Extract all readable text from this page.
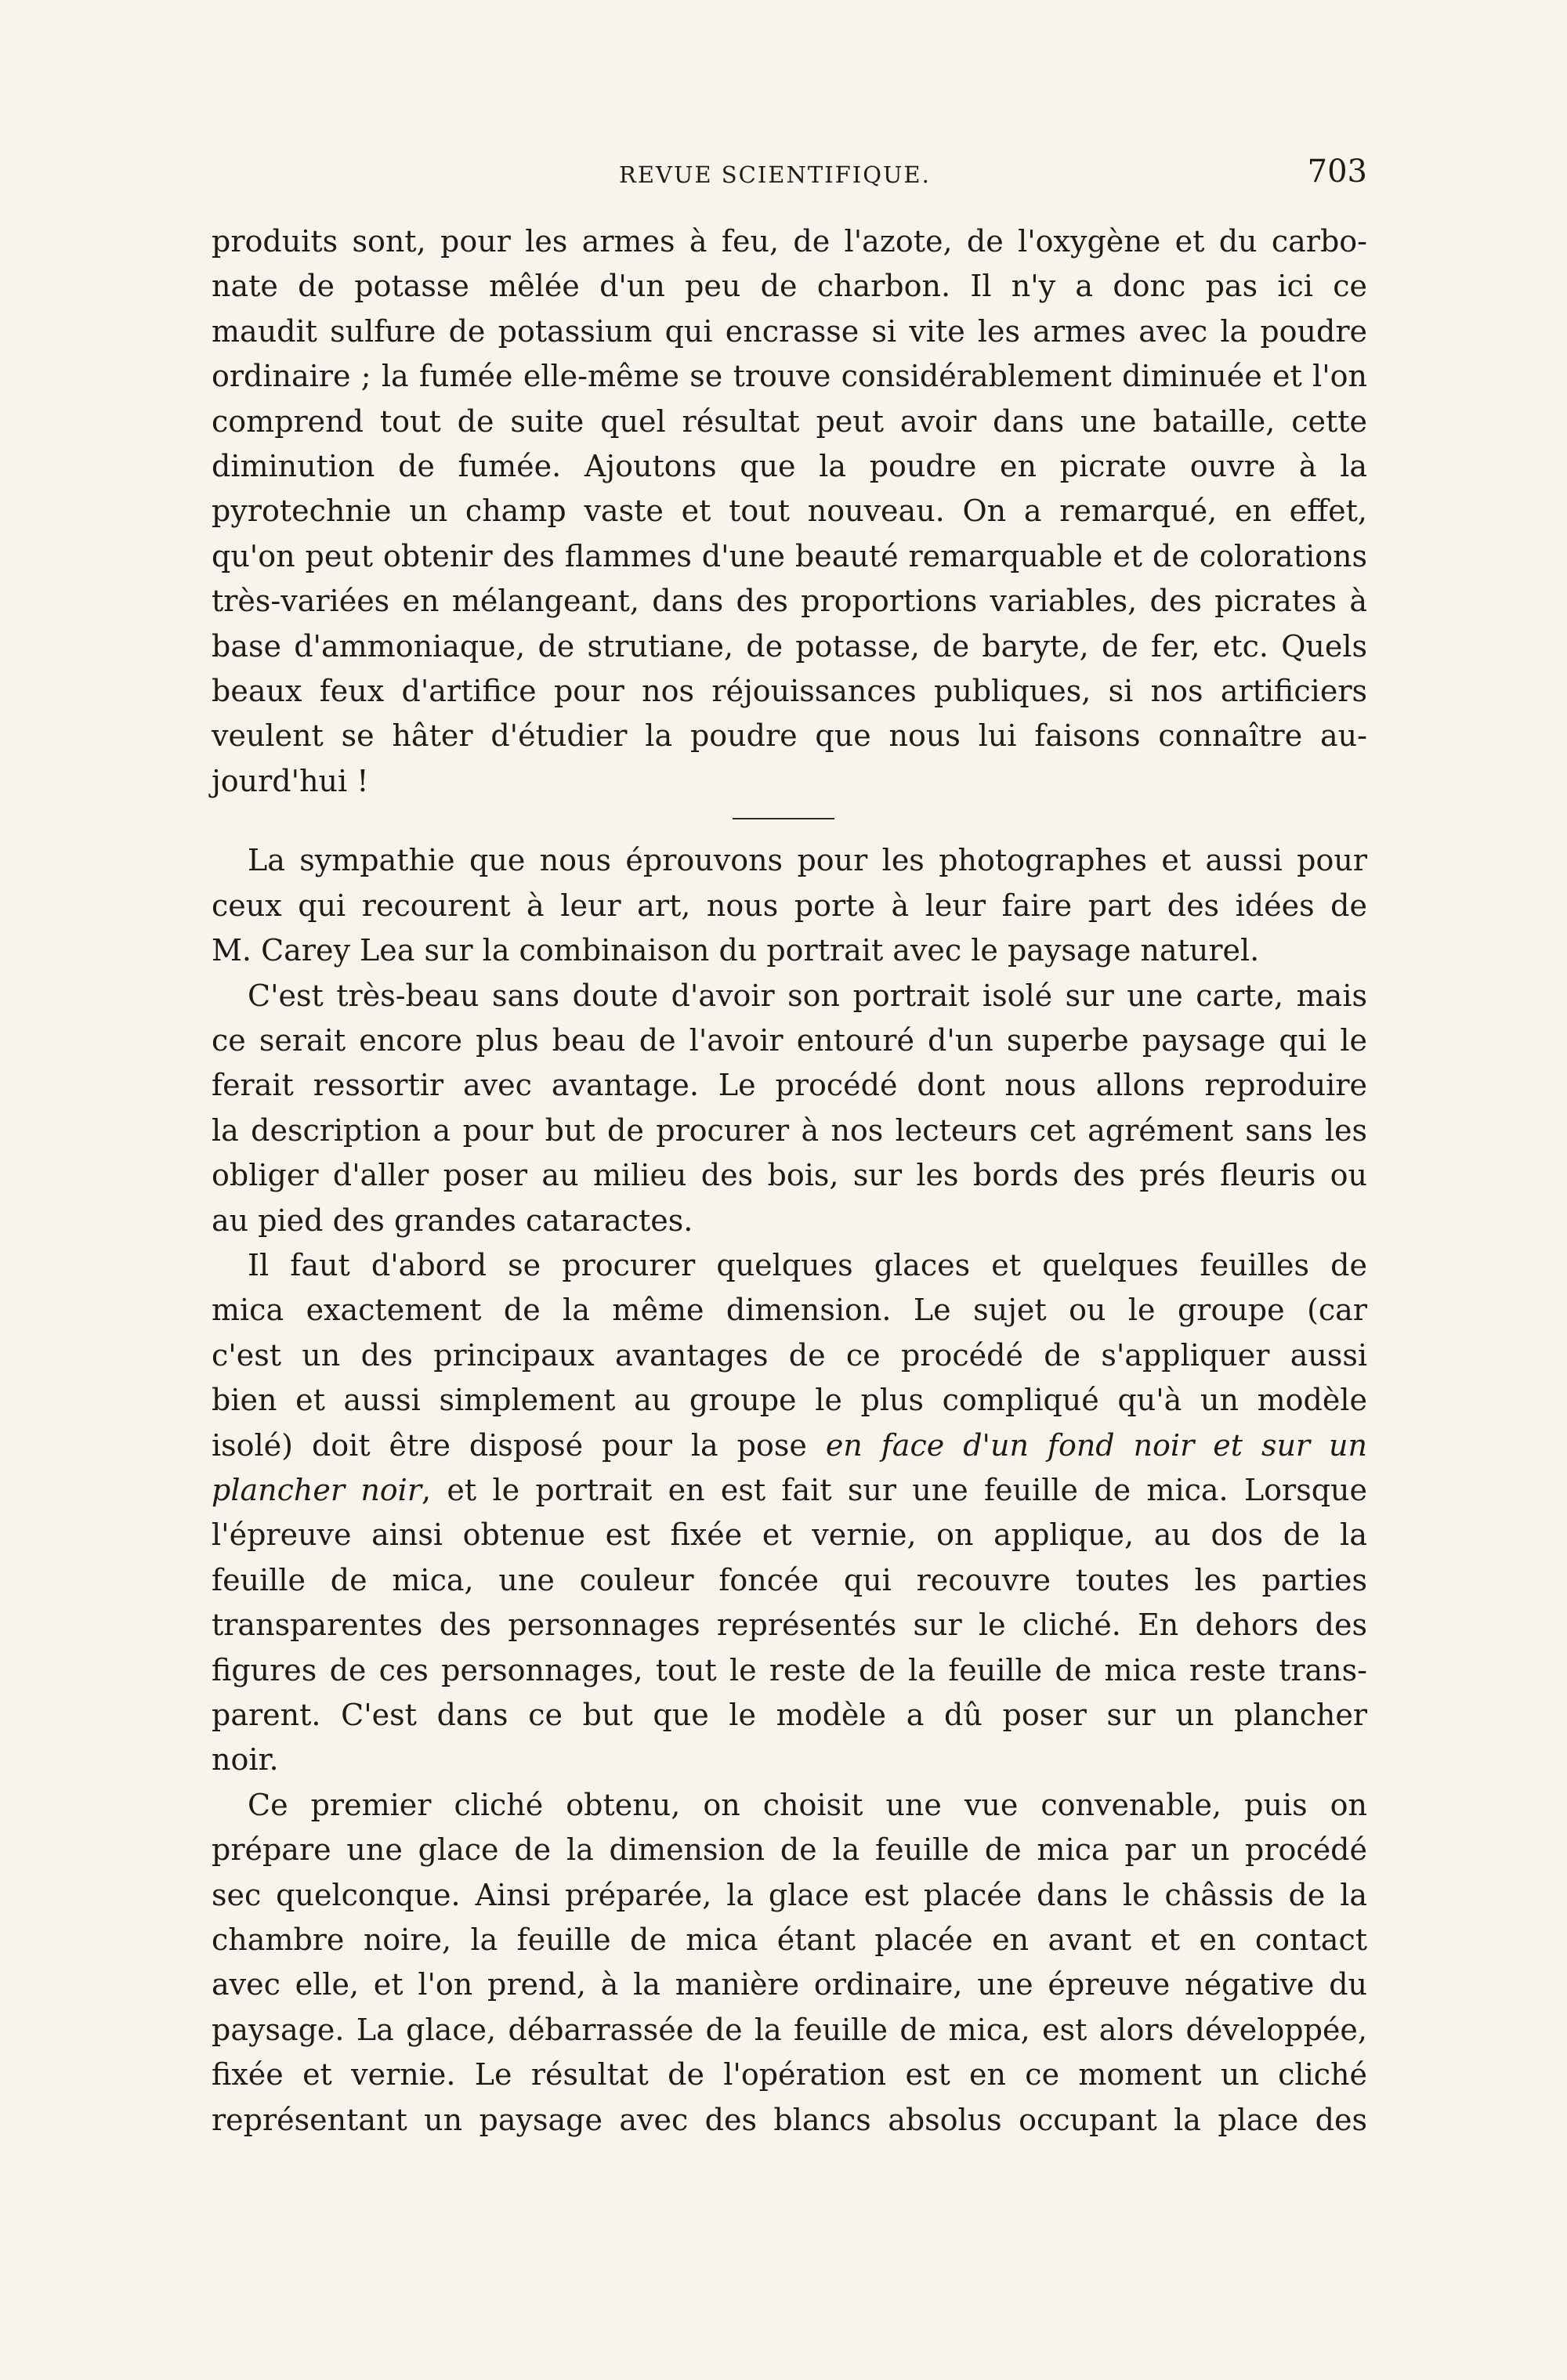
REVUE SCIENTIFIQUE.	703

produits sont, pour les armes à feu, de l'azote, de l'oxygène et du carbo-
nate de potasse mêlée d'un peu de charbon. Il n'y a donc pas ici ce
maudit sulfure de potassium qui encrasse si vite les armes avec la poudre
ordinaire ; la fumée elle-même se trouve considérablement diminuée et l'on
comprend tout de suite quel résultat peut avoir dans une bataille, cette
diminution de fumée. Ajoutons que la poudre en picrate ouvre à la
pyrotechnie un champ vaste et tout nouveau. On a remarqué, en effet,
qu'on peut obtenir des flammes d'une beauté remarquable et de colorations
très-variées en mélangeant, dans des proportions variables, des picrates à
base d'ammoniaque, de strutiane, de potasse, de baryte, de fer, etc. Quels
beaux feux d'artifice pour nos réjouissances publiques, si nos artificiers
veulent se hâter d'étudier la poudre que nous lui faisons connaître au-
jourd'hui !

La sympathie que nous éprouvons pour les photographes et aussi pour
ceux qui recourent à leur art, nous porte à leur faire part des idées de
M. Carey Lea sur la combinaison du portrait avec le paysage naturel.

C'est très-beau sans doute d'avoir son portrait isolé sur une carte, mais
ce serait encore plus beau de l'avoir entouré d'un superbe paysage qui le
ferait ressortir avec avantage. Le procédé dont nous allons reproduire
la description a pour but de procurer à nos lecteurs cet agrément sans les
obliger d'aller poser au milieu des bois, sur les bords des prés fleuris ou
au pied des grandes cataractes.

Il faut d'abord se procurer quelques glaces et quelques feuilles de
mica exactement de la même dimension. Le sujet ou le groupe (car
c'est un des principaux avantages de ce procédé de s'appliquer aussi
bien et aussi simplement au groupe le plus compliqué qu'à un modèle
isolé) doit être disposé pour la pose en face d'un fond noir et sur un
plancher noir, et le portrait en est fait sur une feuille de mica. Lorsque
l'épreuve ainsi obtenue est fixée et vernie, on applique, au dos de la
feuille de mica, une couleur foncée qui recouvre toutes les parties
transparentes des personnages représentés sur le cliché. En dehors des
figures de ces personnages, tout le reste de la feuille de mica reste trans-
parent. C'est dans ce but que le modèle a dû poser sur un plancher
noir.

Ce premier cliché obtenu, on choisit une vue convenable, puis on
prépare une glace de la dimension de la feuille de mica par un procédé
sec quelconque. Ainsi préparée, la glace est placée dans le châssis de la
chambre noire, la feuille de mica étant placée en avant et en contact
avec elle, et l'on prend, à la manière ordinaire, une épreuve négative du
paysage. La glace, débarrassée de la feuille de mica, est alors développée,
fixée et vernie. Le résultat de l'opération est en ce moment un cliché
représentant un paysage avec des blancs absolus occupant la place des
